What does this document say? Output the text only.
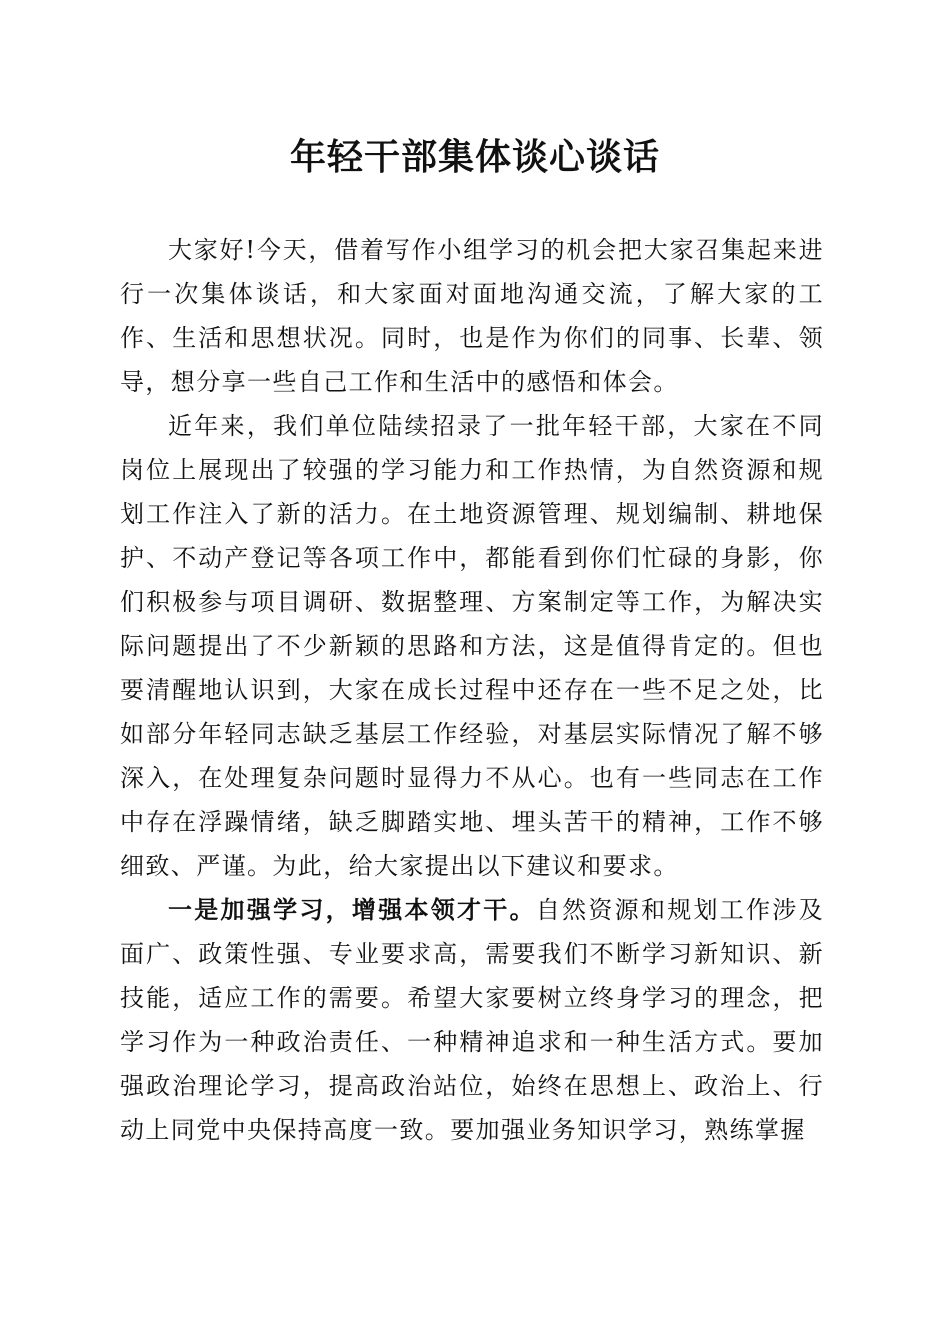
年轻干部集体谈心谈话

大家好!今天，借着写作小组学习的机会把大家召集起来进行一次集体谈话，和大家面对面地沟通交流，了解大家的工作、生活和思想状况。同时，也是作为你们的同事、长辈、领导，想分享一些自己工作和生活中的感悟和体会。

近年来，我们单位陆续招录了一批年轻干部，大家在不同岗位上展现出了较强的学习能力和工作热情，为自然资源和规划工作注入了新的活力。在土地资源管理、规划编制、耕地保护、不动产登记等各项工作中，都能看到你们忙碌的身影，你们积极参与项目调研、数据整理、方案制定等工作，为解决实际问题提出了不少新颖的思路和方法，这是值得肯定的。但也要清醒地认识到，大家在成长过程中还存在一些不足之处，比如部分年轻同志缺乏基层工作经验，对基层实际情况了解不够深入，在处理复杂问题时显得力不从心。也有一些同志在工作中存在浮躁情绪，缺乏脚踏实地、埋头苦干的精神，工作不够细致、严谨。为此，给大家提出以下建议和要求。

一是加强学习，增强本领才干。自然资源和规划工作涉及面广、政策性强、专业要求高，需要我们不断学习新知识、新技能，适应工作的需要。希望大家要树立终身学习的理念，把学习作为一种政治责任、一种精神追求和一种生活方式。要加强政治理论学习，提高政治站位，始终在思想上、政治上、行动上同党中央保持高度一致。要加强业务知识学习，熟练掌握
